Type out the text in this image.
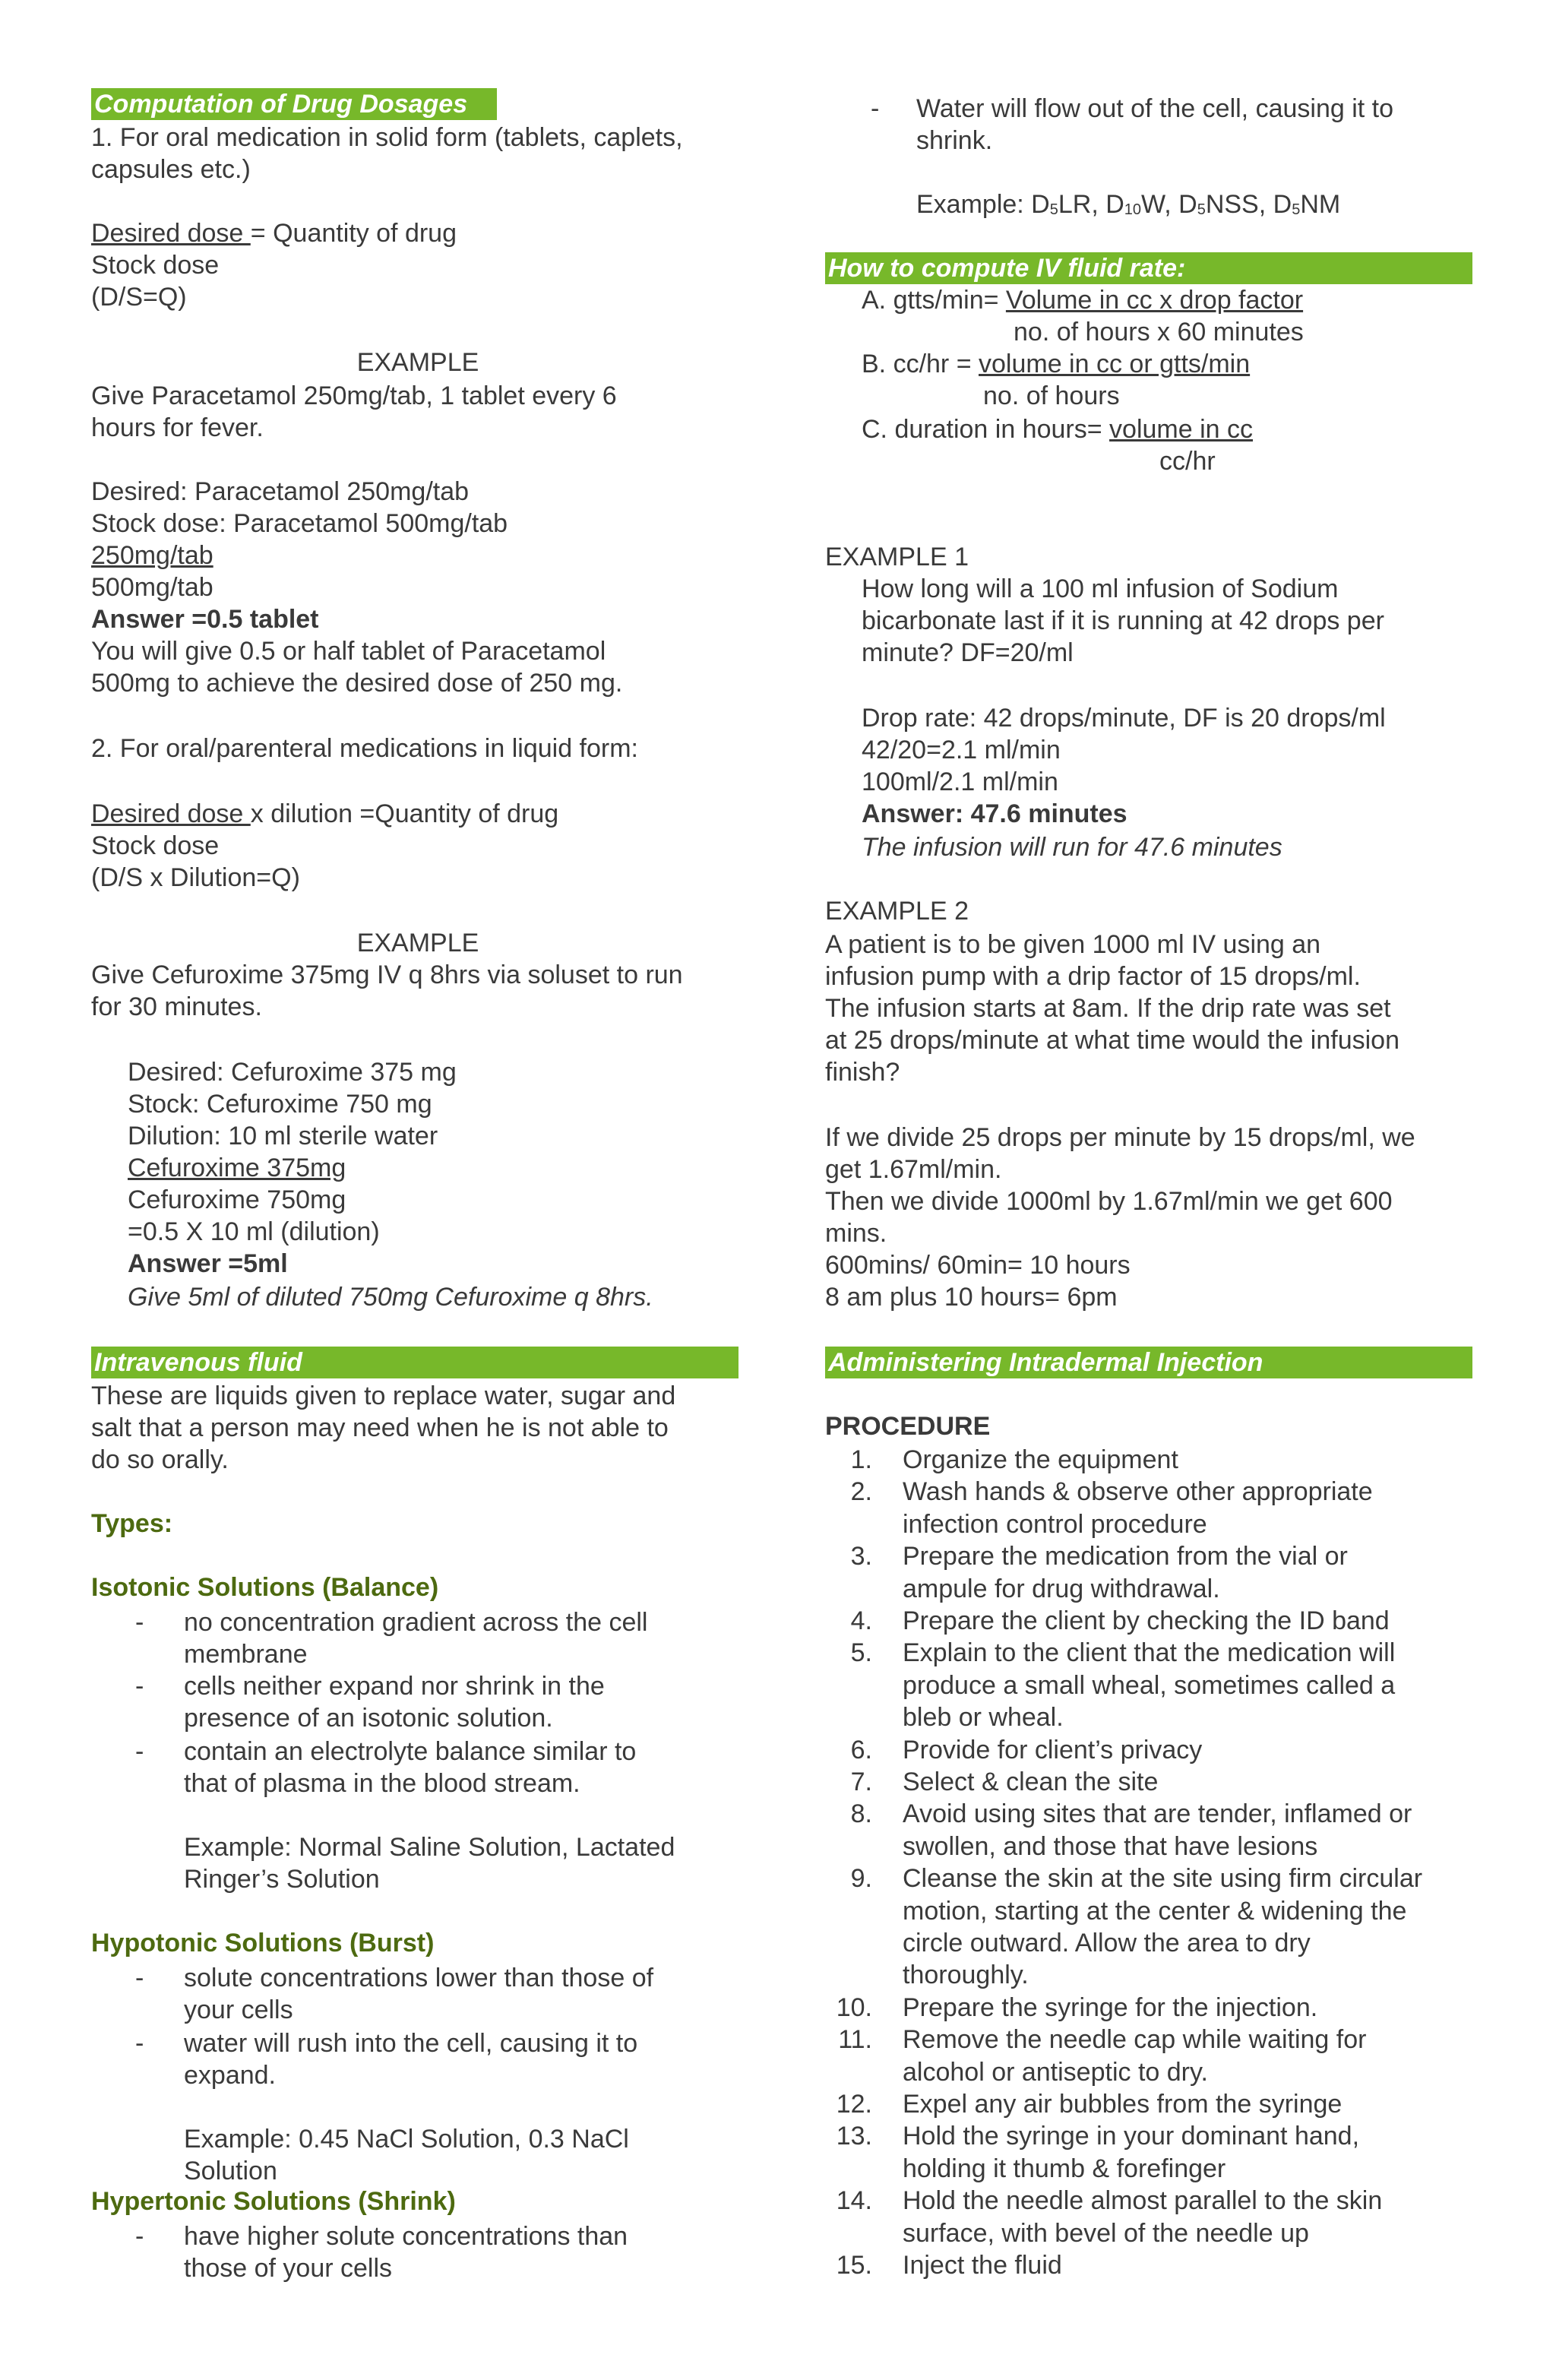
Computation of Drug Dosages
1. For oral medication in solid form (tablets, caplets,
capsules etc.)
Desired dose = Quantity of drug
Stock dose
(D/S=Q)
EXAMPLE
Give Paracetamol 250mg/tab, 1 tablet every 6
hours for fever.
Desired: Paracetamol 250mg/tab
Stock dose: Paracetamol 500mg/tab
250mg/tab
500mg/tab
Answer =0.5 tablet
You will give 0.5 or half tablet of Paracetamol
500mg to achieve the desired dose of 250 mg.
2. For oral/parenteral medications in liquid form:
Desired dose x dilution =Quantity of drug
Stock dose
(D/S x Dilution=Q)
EXAMPLE
Give Cefuroxime 375mg IV q 8hrs via soluset to run
for 30 minutes.
Desired: Cefuroxime 375 mg
Stock: Cefuroxime 750 mg
Dilution: 10 ml sterile water
Cefuroxime 375mg
Cefuroxime 750mg
=0.5 X 10 ml (dilution)
Answer =5ml
Give 5ml of diluted 750mg Cefuroxime q 8hrs.
Intravenous fluid
These are liquids given to replace water, sugar and
salt that a person may need when he is not able to
do so orally.
Types:
Isotonic Solutions (Balance)
- no concentration gradient across the cell
membrane
- cells neither expand nor shrink in the
presence of an isotonic solution.
- contain an electrolyte balance similar to
that of plasma in the blood stream.
Example: Normal Saline Solution, Lactated
Ringer’s Solution
Hypotonic Solutions (Burst)
- solute concentrations lower than those of
your cells
- water will rush into the cell, causing it to
expand.
Example: 0.45 NaCl Solution, 0.3 NaCl
Solution
Hypertonic Solutions (Shrink)
- have higher solute concentrations than
those of your cells
- Water will flow out of the cell, causing it to
shrink.
Example: $D_5LR$, $D_{10}W$, $D_5NSS$, $D_5NM$
How to compute IV fluid rate:
A. gtts/min= Volume in cc x drop factor
no. of hours x 60 minutes
B. cc/hr = volume in cc or gtts/min
no. of hours
C. duration in hours= volume in cc
cc/hr
EXAMPLE 1
How long will a 100 ml infusion of Sodium
bicarbonate last if it is running at 42 drops per
minute? DF=20/ml
Drop rate: 42 drops/minute, DF is 20 drops/ml
42/20=2.1 ml/min
100ml/2.1 ml/min
Answer: 47.6 minutes
The infusion will run for 47.6 minutes
EXAMPLE 2
A patient is to be given 1000 ml IV using an
infusion pump with a drip factor of 15 drops/ml.
The infusion starts at 8am. If the drip rate was set
at 25 drops/minute at what time would the infusion
finish?
If we divide 25 drops per minute by 15 drops/ml, we
get 1.67ml/min.
Then we divide 1000ml by 1.67ml/min we get 600
mins.
600mins/ 60min= 10 hours
8 am plus 10 hours= 6pm
Administering Intradermal Injection
PROCEDURE
1. Organize the equipment
2. Wash hands & observe other appropriate
infection control procedure
3. Prepare the medication from the vial or
ampule for drug withdrawal.
4. Prepare the client by checking the ID band
5. Explain to the client that the medication will
produce a small wheal, sometimes called a
bleb or wheal.
6. Provide for client’s privacy
7. Select & clean the site
8. Avoid using sites that are tender, inflamed or
swollen, and those that have lesions
9. Cleanse the skin at the site using firm circular
motion, starting at the center & widening the
circle outward. Allow the area to dry
thoroughly.
10. Prepare the syringe for the injection.
11. Remove the needle cap while waiting for
alcohol or antiseptic to dry.
12. Expel any air bubbles from the syringe
13. Hold the syringe in your dominant hand,
holding it thumb & forefinger
14. Hold the needle almost parallel to the skin
surface, with bevel of the needle up
15. Inject the fluid
